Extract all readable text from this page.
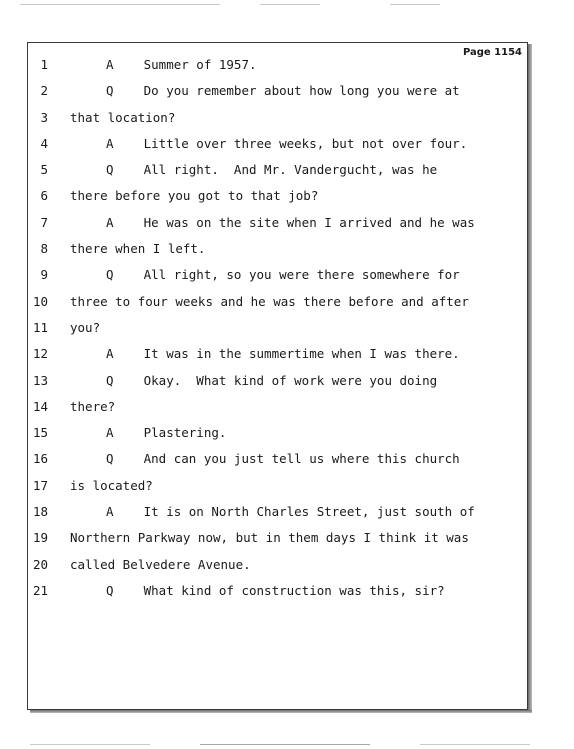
Page 1154
1	A    Summer of 1957.
2	Q    Do you remember about how long you were at
3 that location?
4	A    Little over three weeks, but not over four.
5	Q    All right.  And Mr. Vandergucht, was he
6 there before you got to that job?
7	A    He was on the site when I arrived and he was
8 there when I left.
9	Q    All right, so you were there somewhere for
10 three to four weeks and he was there before and after
11 you?
12	A    It was in the summertime when I was there.
13	Q    Okay.  What kind of work were you doing
14 there?
15	A    Plastering.
16	Q    And can you just tell us where this church
17 is located?
18	A    It is on North Charles Street, just south of
19 Northern Parkway now, but in them days I think it was
20 called Belvedere Avenue.
21	Q    What kind of construction was this, sir?
